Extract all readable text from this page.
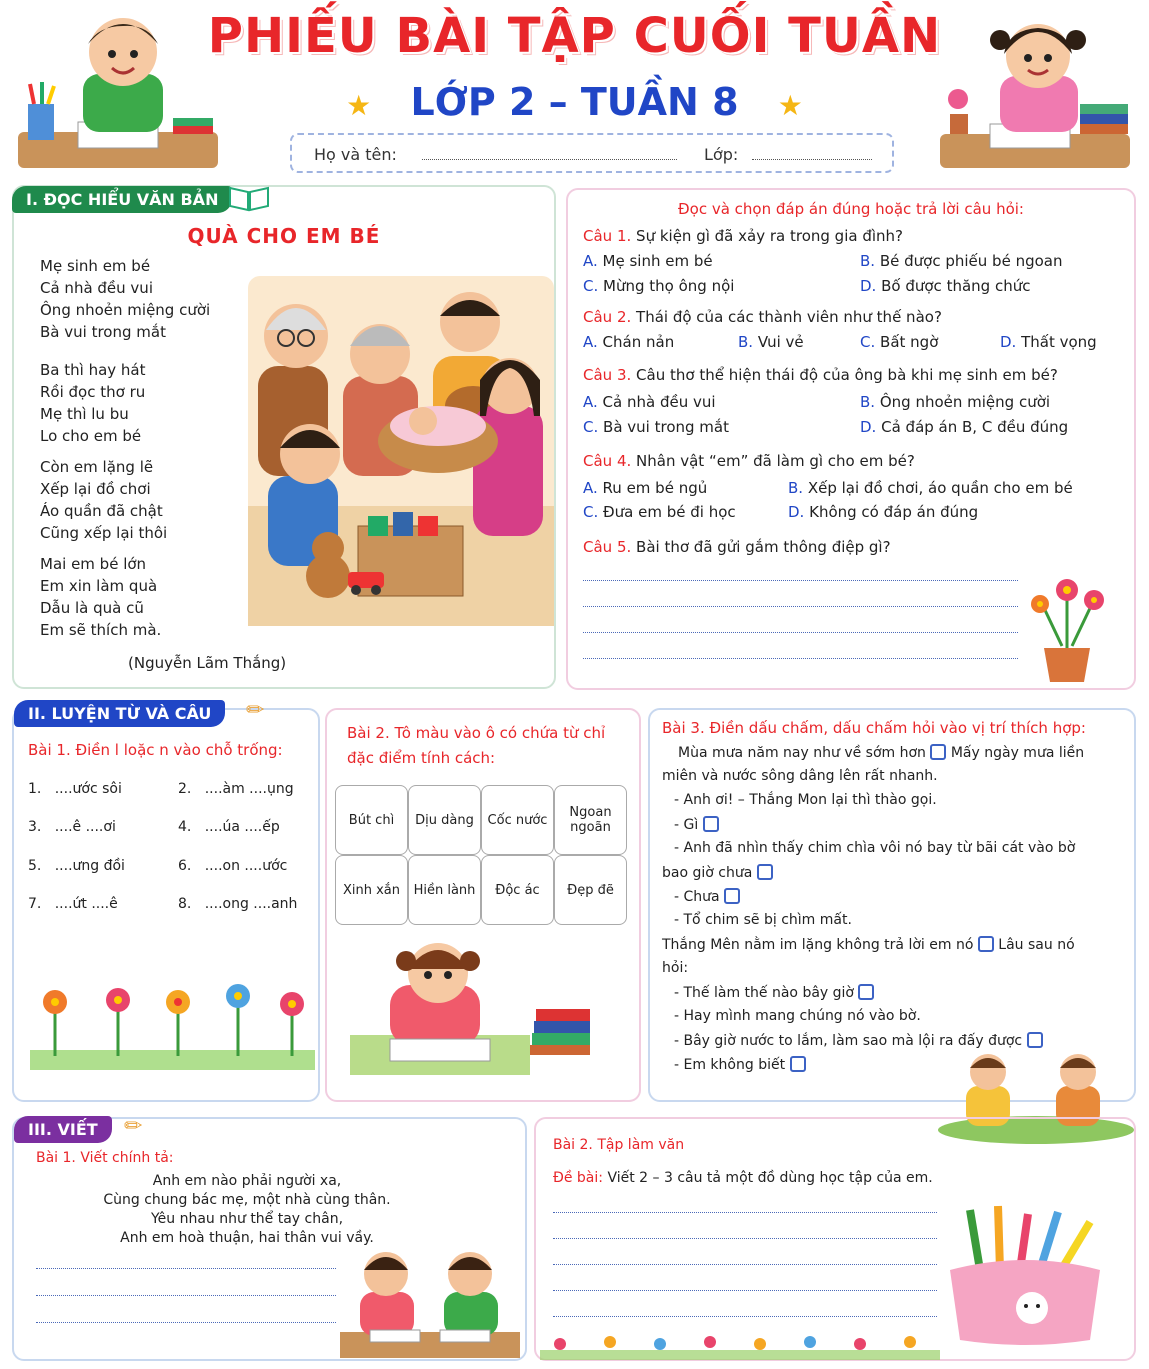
PHIẾU BÀI TẬP CUỐI TUẦN
★ LỚP 2 – TUẦN 8 ★
Họ và tên:	Lớp:
I. ĐỌC HIỂU VĂN BẢN
QUÀ CHO EM BÉ
Mẹ sinh em bé
Cả nhà đều vui
Ông nhoẻn miệng cười
Bà vui trong mắt
Ba thì hay hát
Rồi đọc thơ ru
Mẹ thì lu bu
Lo cho em bé
Còn em lặng lẽ
Xếp lại đồ chơi
Áo quần đã chật
Cũng xếp lại thôi
Mai em bé lớn
Em xin làm quà
Dẫu là quà cũ
Em sẽ thích mà.
(Nguyễn Lãm Thắng)
Đọc và chọn đáp án đúng hoặc trả lời câu hỏi:
Câu 1. Sự kiện gì đã xảy ra trong gia đình?
A. Mẹ sinh em bé	B. Bé được phiếu bé ngoan
C. Mừng thọ ông nội	D. Bố được thăng chức
Câu 2. Thái độ của các thành viên như thế nào?
A. Chán nản	B. Vui vẻ	C. Bất ngờ	D. Thất vọng
Câu 3. Câu thơ thể hiện thái độ của ông bà khi mẹ sinh em bé?
A. Cả nhà đều vui	B. Ông nhoẻn miệng cười
C. Bà vui trong mắt	D. Cả đáp án B, C đều đúng
Câu 4. Nhân vật “em” đã làm gì cho em bé?
A. Ru em bé ngủ	B. Xếp lại đồ chơi, áo quần cho em bé
C. Đưa em bé đi học	D. Không có đáp án đúng
Câu 5. Bài thơ đã gửi gắm thông điệp gì?
II. LUYỆN TỪ VÀ CÂU	✏
Bài 1. Điền l loặc n vào chỗ trống:
1. ....ước sôi	2. ....àm ....ụng
3. ....ê ....ơi	4. ....úa ....ếp
5. ....ưng đồi	6. ....on ....ước
7. ....ứt ....ê	8. ....ong ....anh
Bài 2. Tô màu vào ô có chứa từ chỉ đặc điểm tính cách:
Bút chì	Dịu dàng	Cốc nước	Ngoan ngoãn
Xinh xắn	Hiền lành	Độc ác	Đẹp đẽ
Bài 3. Điền dấu chấm, dấu chấm hỏi vào vị trí thích hợp:
Mùa mưa năm nay như về sớm hơn Mấy ngày mưa liền
miên và nước sông dâng lên rất nhanh.
- Anh ơi! – Thắng Mon lại thì thào gọi.
- Gì
- Anh đã nhìn thấy chim chìa vôi nó bay từ bãi cát vào bờ
bao giờ chưa
- Chưa
- Tổ chim sẽ bị chìm mất.
Thắng Mên nằm im lặng không trả lời em nó Lâu sau nó
hỏi:
- Thế làm thế nào bây giờ
- Hay mình mang chúng nó vào bờ.
- Bây giờ nước to lắm, làm sao mà lội ra đấy được
- Em không biết
III. VIẾT	✏
Bài 1. Viết chính tả:
Anh em nào phải người xa,
Cùng chung bác mẹ, một nhà cùng thân.
Yêu nhau như thể tay chân,
Anh em hoà thuận, hai thân vui vầy.
Bài 2. Tập làm văn
Đề bài: Viết 2 – 3 câu tả một đồ dùng học tập của em.
